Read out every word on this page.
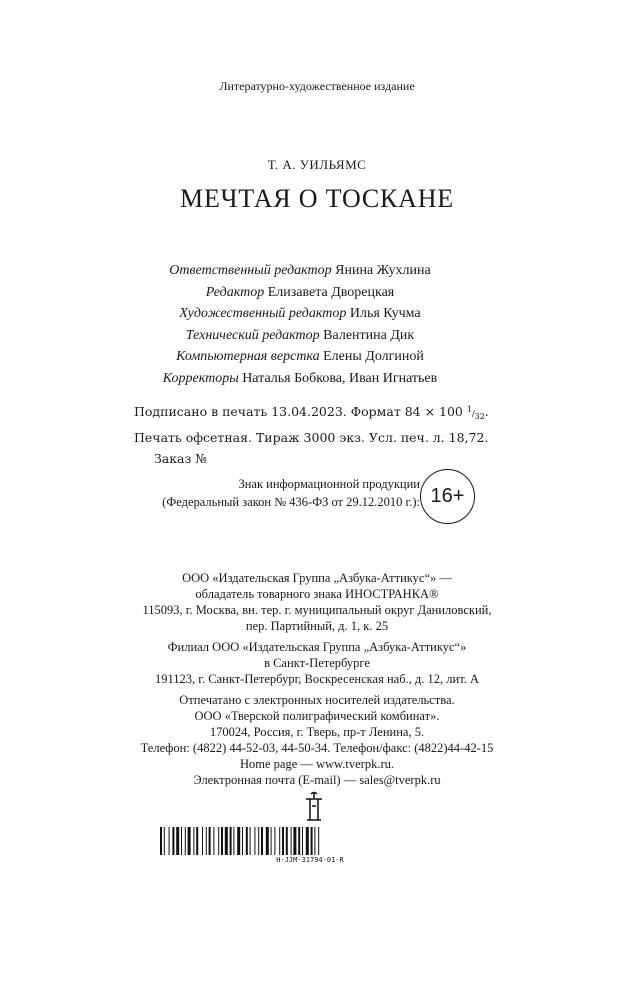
Литературно-художественное издание
Т. А. УИЛЬЯМС
МЕЧТАЯ О ТОСКАНЕ
Ответственный редактор Янина Жухлина
Редактор Елизавета Дворецкая
Художественный редактор Илья Кучма
Технический редактор Валентина Дик
Компьютерная верстка Елены Долгиной
Корректоры Наталья Бобкова, Иван Игнатьев
Подписано в печать 13.04.2023. Формат 84 × 100 1/32.
Печать офсетная. Тираж 3000 экз. Усл. печ. л. 18,72.
Заказ №
Знак информационной продукции
(Федеральный закон № 436-ФЗ от 29.12.2010 г.): 16+
ООО «Издательская Группа „Азбука-Аттикус“» —
обладатель товарного знака ИНОСТРАНКА®
115093, г. Москва, вн. тер. г. муниципальный округ Даниловский,
пер. Партийный, д. 1, к. 25
Филиал ООО «Издательская Группа „Азбука-Аттикус“»
в Санкт-Петербурге
191123, г. Санкт-Петербург, Воскресенская наб., д. 12, лит. А
Отпечатано с электронных носителей издательства.
ООО «Тверской полиграфический комбинат».
170024, Россия, г. Тверь, пр-т Ленина, 5.
Телефон: (4822) 44-52-03, 44-50-34. Телефон/факс: (4822)44-42-15
Home page — www.tverpk.ru.
Электронная почта (E-mail) — sales@tverpk.ru
Н-ЈЈМ-31794-01-R
